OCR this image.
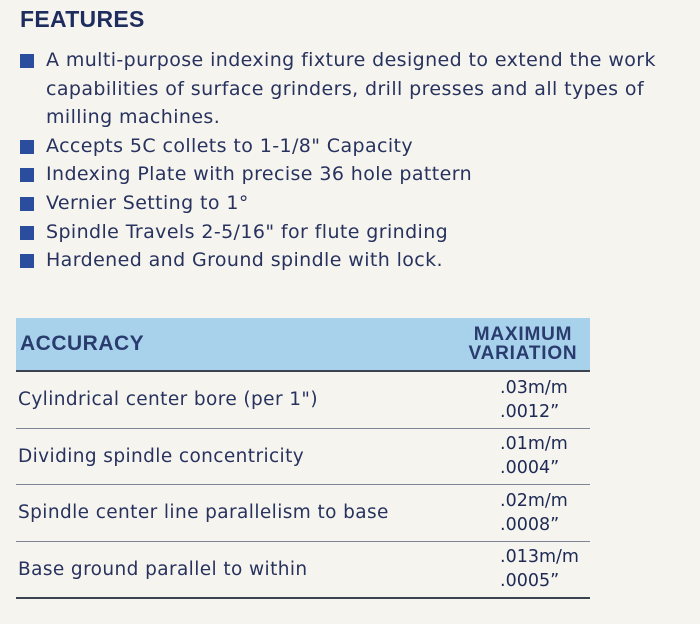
FEATURES
A multi-purpose indexing fixture designed to extend the work capabilities of surface grinders, drill presses and all types of milling machines.
Accepts 5C collets to 1-1/8" Capacity
Indexing Plate with precise 36 hole pattern
Vernier Setting to 1°
Spindle Travels 2-5/16" for flute grinding
Hardened and Ground spindle with lock.
ACCURACY	MAXIMUM
VARIATION

Cylindrical center bore (per 1")	.03m/m
.0012”

Dividing spindle concentricity	.01m/m
.0004”

Spindle center line parallelism to base	.02m/m
.0008”

Base ground parallel to within	.013m/m
.0005”
